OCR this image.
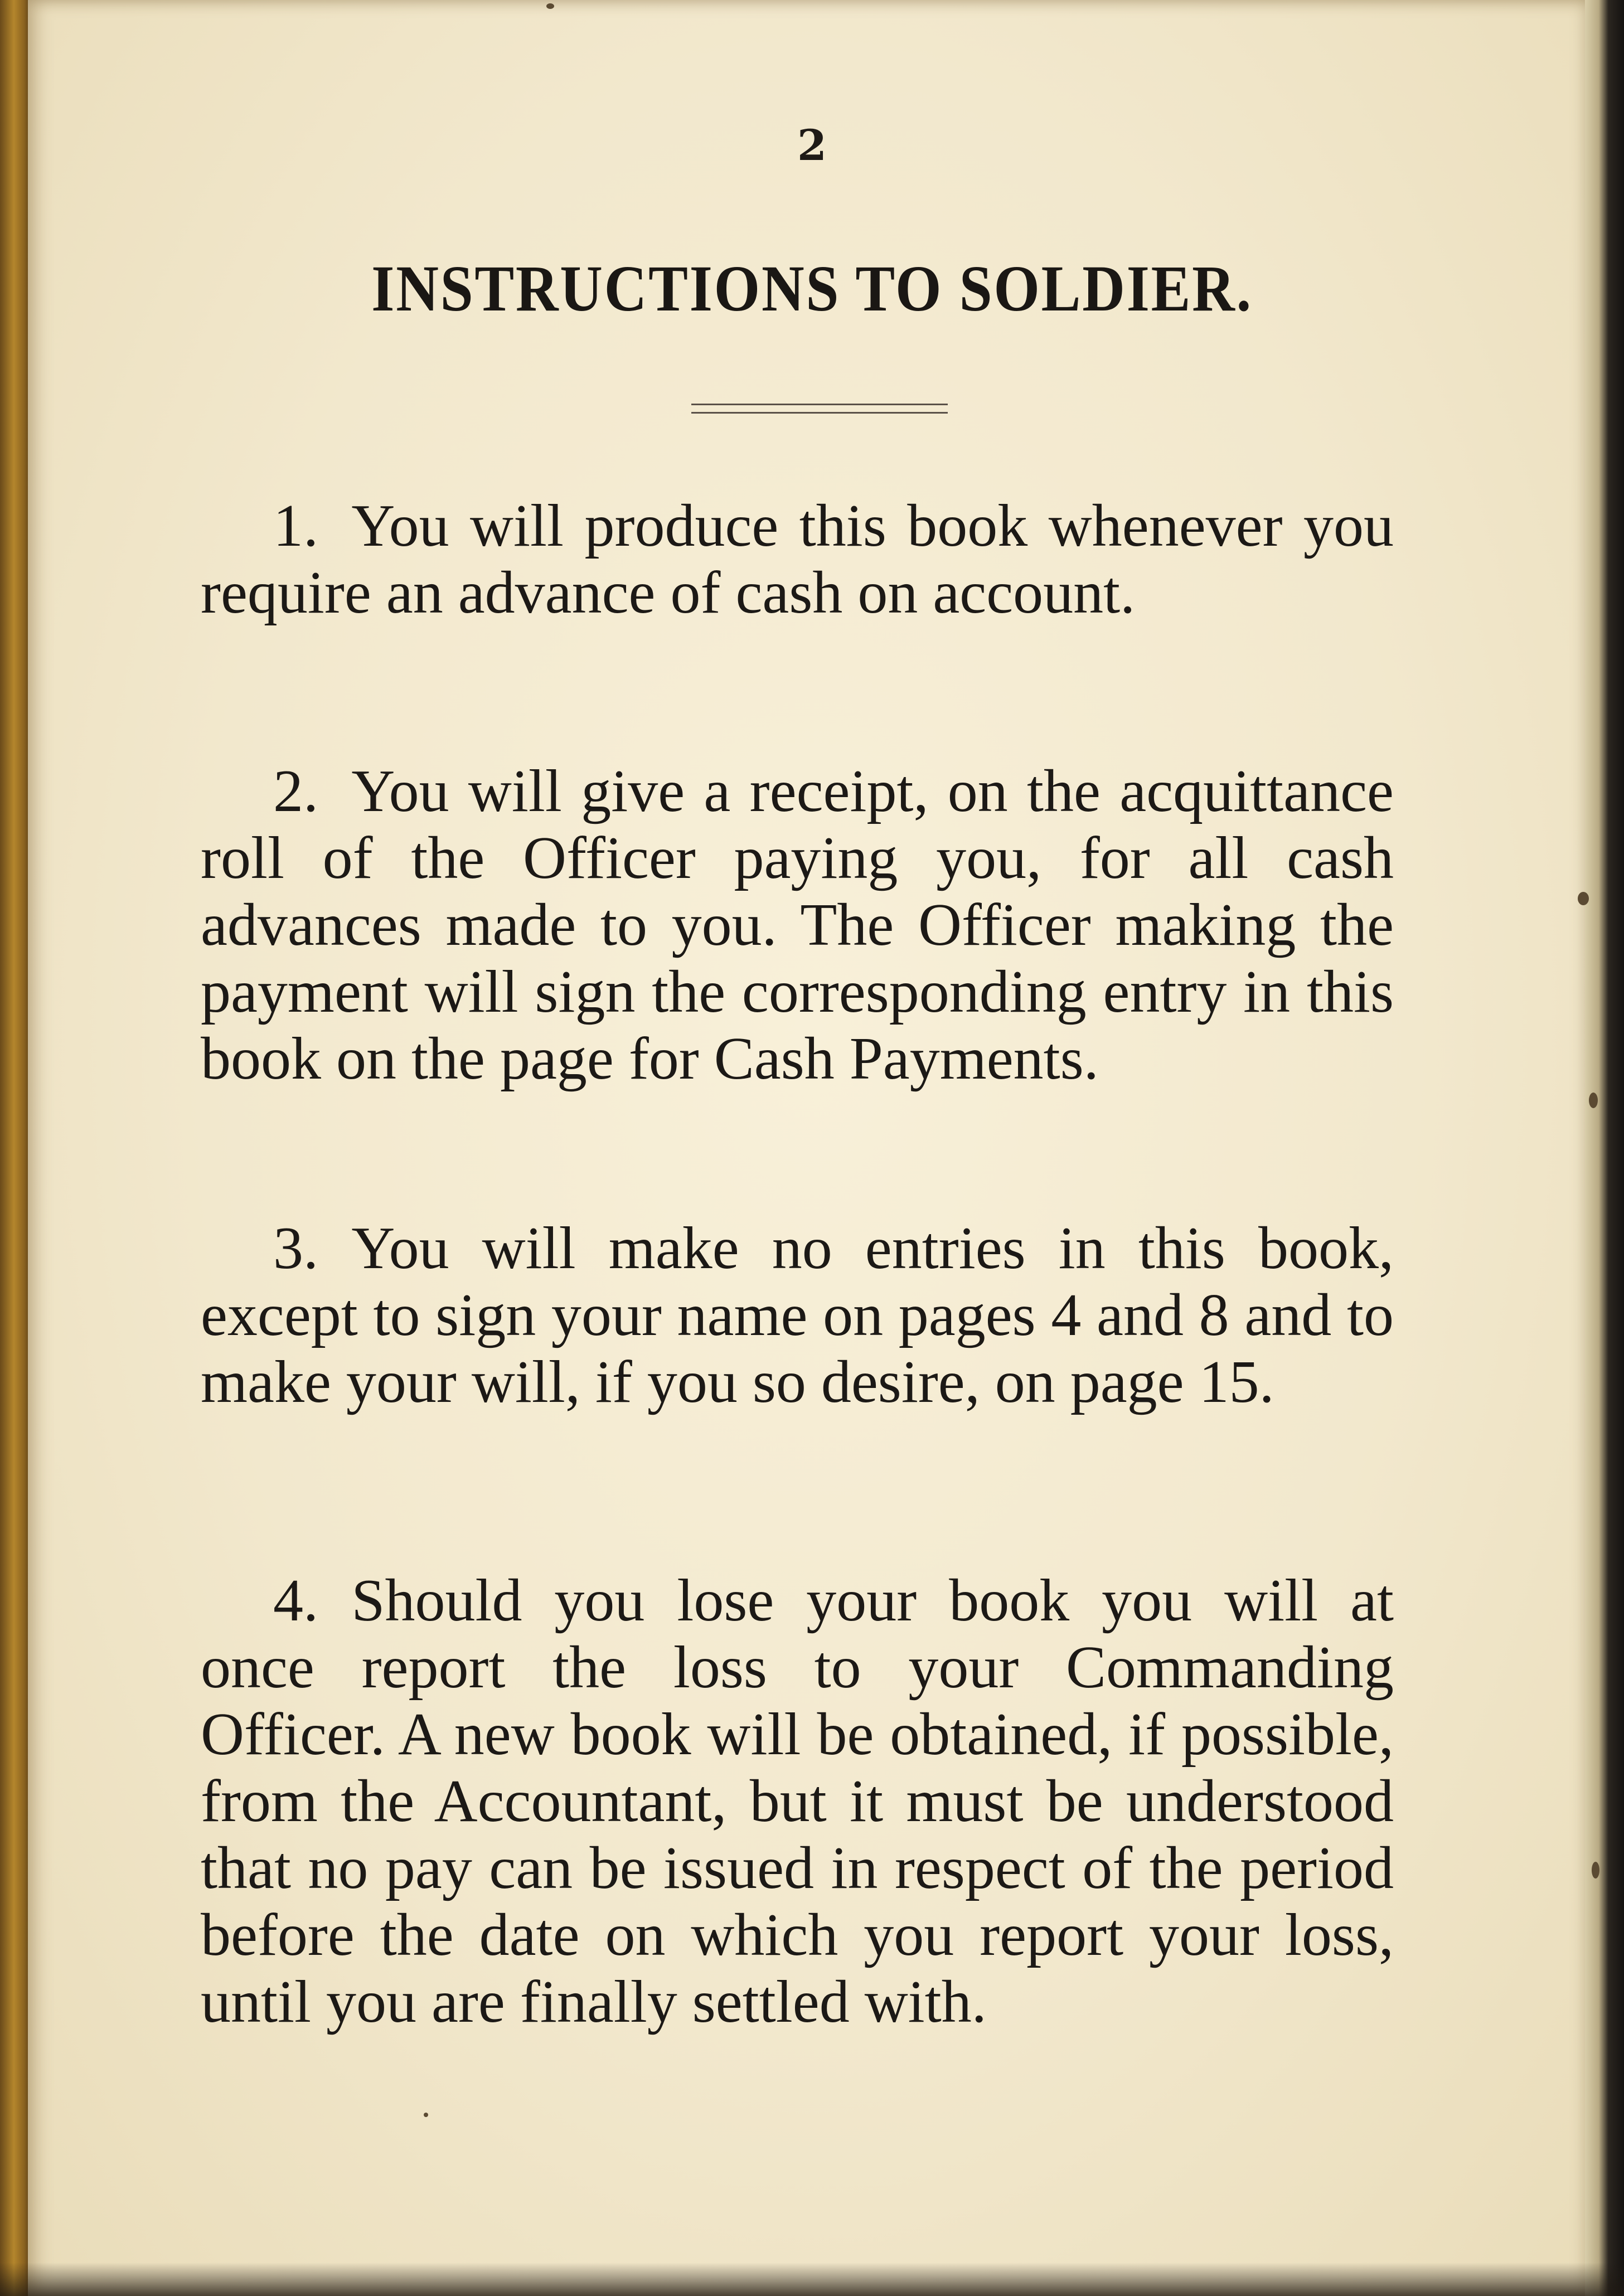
2
INSTRUCTIONS TO SOLDIER.

1. You will produce this book whenever you require an advance of cash on account.

2. You will give a receipt, on the acquittance roll of the Officer paying you, for all cash advances made to you. The Officer making the payment will sign the corresponding entry in this book on the page for Cash Payments.

3. You will make no entries in this book, except to sign your name on pages 4 and 8 and to make your will, if you so desire, on page 15.

4. Should you lose your book you will at once report the loss to your Commanding Officer. A new book will be obtained, if possible, from the Accountant, but it must be understood that no pay can be issued in respect of the period before the date on which you report your loss, until you are finally settled with.
